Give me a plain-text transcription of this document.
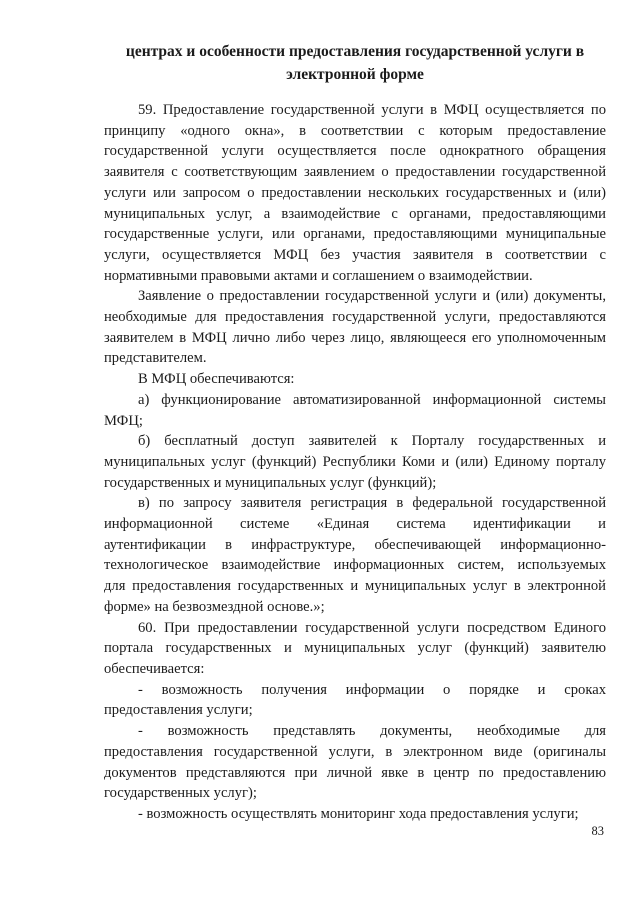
центрах и особенности предоставления государственной услуги в
электронной форме
59. Предоставление государственной услуги в МФЦ осуществляется по
принципу «одного окна», в соответствии с которым предоставление
государственной услуги осуществляется после однократного обращения
заявителя с соответствующим заявлением о предоставлении государственной
услуги или запросом о предоставлении нескольких государственных и (или)
муниципальных услуг, а взаимодействие с органами, предоставляющими
государственные услуги, или органами, предоставляющими муниципальные
услуги, осуществляется МФЦ без участия заявителя в соответствии с
нормативными правовыми актами и соглашением о взаимодействии.
Заявление о предоставлении государственной услуги и (или) документы,
необходимые для предоставления государственной услуги, предоставляются
заявителем в МФЦ лично либо через лицо, являющееся его уполномоченным
представителем.
В МФЦ обеспечиваются:
а) функционирование автоматизированной информационной системы
МФЦ;
б) бесплатный доступ заявителей к Порталу государственных и
муниципальных услуг (функций) Республики Коми и (или) Единому порталу
государственных и муниципальных услуг (функций);
в) по запросу заявителя регистрация в федеральной государственной
информационной системе «Единая система идентификации и
аутентификации в инфраструктуре, обеспечивающей информационно-
технологическое взаимодействие информационных систем, используемых
для предоставления государственных и муниципальных услуг в электронной
форме» на безвозмездной основе.»;
60. При предоставлении государственной услуги посредством Единого
портала государственных и муниципальных услуг (функций) заявителю
обеспечивается:
- возможность получения информации о порядке и сроках
предоставления услуги;
- возможность представлять документы, необходимые для
предоставления государственной услуги, в электронном виде (оригиналы
документов представляются при личной явке в центр по предоставлению
государственных услуг);
- возможность осуществлять мониторинг хода предоставления услуги;
83
